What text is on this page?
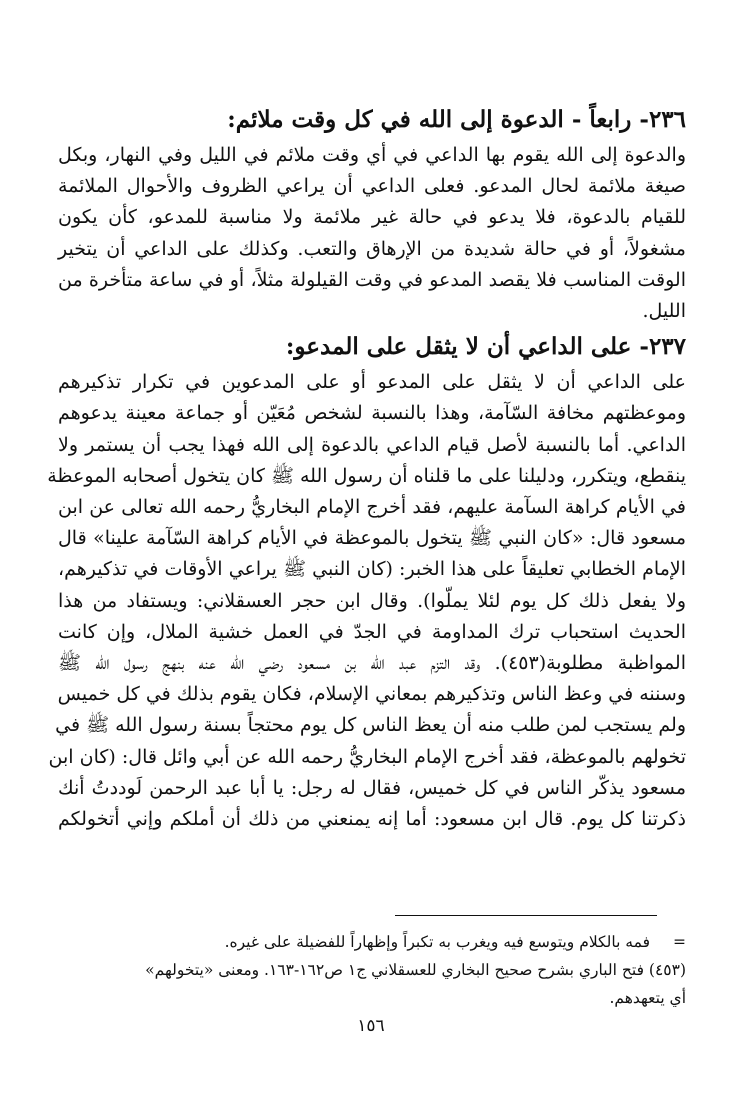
٢٣٦- رابعاً - الدعوة إلى الله في كل وقت ملائم:
والدعوة إلى الله يقوم بها الداعي في أي وقت ملائم في الليل وفي النهار، وبكل
صيغة ملائمة لحال المدعو. فعلى الداعي أن يراعي الظروف والأحوال الملائمة
للقيام بالدعوة، فلا يدعو في حالة غير ملائمة ولا مناسبة للمدعو، كأن يكون
مشغولاً، أو في حالة شديدة من الإرهاق والتعب. وكذلك على الداعي أن يتخير
الوقت المناسب فلا يقصد المدعو في وقت القيلولة مثلاً، أو في ساعة متأخرة من
الليل.
٢٣٧- على الداعي أن لا يثقل على المدعو:
على الداعي أن لا يثقل على المدعو أو على المدعوين في تكرار تذكيرهم
وموعظتهم مخافة السّآمة، وهذا بالنسبة لشخص مُعَيّن أو جماعة معينة يدعوهم
الداعي. أما بالنسبة لأصل قيام الداعي بالدعوة إلى الله فهذا يجب أن يستمر ولا
ينقطع، ويتكرر، ودليلنا على ما قلناه أن رسول الله ﷺ كان يتخول أصحابه الموعظة
في الأيام كراهة السآمة عليهم، فقد أخرج الإمام البخاريُّ رحمه الله تعالى عن ابن
مسعود قال: «كان النبي ﷺ يتخول بالموعظة في الأيام كراهة السّآمة علينا» قال
الإمام الخطابي تعليقاً على هذا الخبر: (كان النبي ﷺ يراعي الأوقات في تذكيرهم،
ولا يفعل ذلك كل يوم لئلا يملّوا). وقال ابن حجر العسقلاني: ويستفاد من هذا
الحديث استحباب ترك المداومة في الجدّ في العمل خشية الملال، وإن كانت
المواظبة مطلوبة(٤٥٣). وقد التزم عبد الله بن مسعود رضي الله عنه بنهج رسول الله ﷺ
وسننه في وعظ الناس وتذكيرهم بمعاني الإسلام، فكان يقوم بذلك في كل خميس
ولم يستجب لمن طلب منه أن يعظ الناس كل يوم محتجاً بسنة رسول الله ﷺ في
تخولهم بالموعظة، فقد أخرج الإمام البخاريُّ رحمه الله عن أبي وائل قال: (كان ابن
مسعود يذكّر الناس في كل خميس، فقال له رجل: يا أبا عبد الرحمن لَوددتُ أنك
ذكرتنا كل يوم. قال ابن مسعود: أما إنه يمنعني من ذلك أن أملكم وإني أتخولكم
=
فمه بالكلام ويتوسع فيه ويغرب به تكبراً وإظهاراً للفضيلة على غيره.
(٤٥٣) فتح الباري بشرح صحيح البخاري للعسقلاني ج١ ص١٦٢-١٦٣. ومعنى «يتخولهم»
أي يتعهدهم.
١٥٦
